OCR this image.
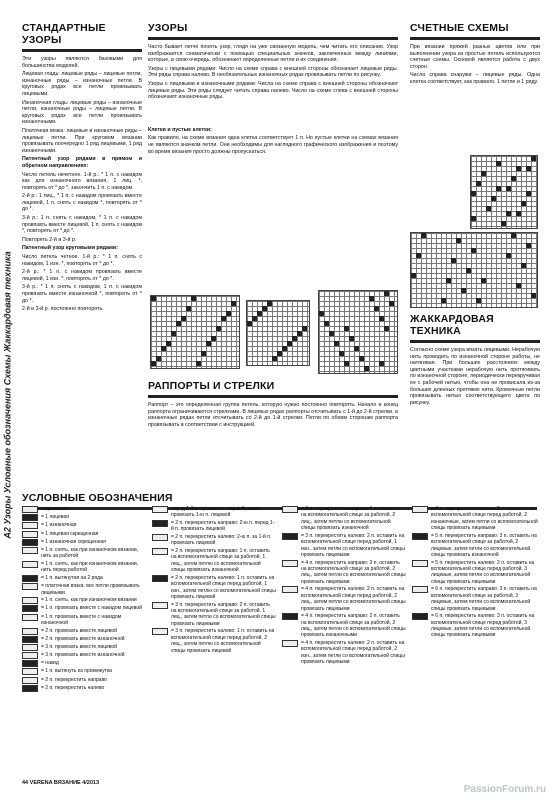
A2 Узоры Условные обозначения Схемы Жаккардовая техника
СТАНДАРТНЫЕ УЗОРЫ

Эти узоры являются базовыми для большинства моделей.

Лицевая гладь: лицевые ряды – лицевые петли, изнаночные ряды – изнаночные петли. В круговых рядах все петли провязывать лицевыми.

Изнаночная гладь: лицевые ряды – изнаночные петли, изнаночные ряды – лицевые петли. В круговых рядах все петли провязывать изнаночными.

Платочная вязка: лицевые и изнаночные ряды – лицевые петли. При круговом вязании провязывать поочередно 1 ряд лицевыми, 1 ряд изнаночными.

Патентный узор рядами в прямом и обратном направлениях:

Число петель нечетное. 1-й р.: * 1 п. с накидом как для изнаночного вязания, 1 лиц. *, повторять от * до *, закончить 1 п. с накидом.

2-й р.: 1 лиц., * 1 п. с накидом провязать вместе лицевой, 1 п. снять с накидом *, повторять от * до *.

3-й р.: 1 п. снять с накидом, * 1 п. с накидом провязать вместе лицевой, 1 п. снять с накидом *, повторять от * до *.

Повторять 2-й и 3-й р.

Патентный узор круговыми рядами:

Число петель четное. 1-й р.: * 1 п. снять с накидом, 1 изн. *, повторять от * до *.

2-й р.: * 1 п. с накидом провязать вместе лицевой, 1 изн. *, повторять от * до *.

3-й р.: * 1 п. снять с накидом, 1 п. с накидом провязать вместе изнаночной *, повторять от * до *.

2-й и 3-й р. постоянно повторять.

УЗОРЫ

Часто бывает легче понять узор, глядя на уже связанную модель, чем читать его описание. Узор изображается схематически с помощью специальных значков, заключенных между линиями, которые, в свою очередь, обозначают определенные петли и их соединения.

Узоры с лицевыми рядами: Число на схеме справа с внешней стороны обозначает лицевые ряды. Эти ряды справа налево. В необязательных изнаночных рядах провязывать петли по рисунку.

Узоры с лицевыми и изнаночными рядами: Числа на схеме справа с внешней стороны обозначают лицевые ряды. Эти ряды следует читать справа налево. Число на схеме слева с внешней стороны обозначают изнаночные ряды.

Клетки и пустые клетки:

Как правило, на схеме вязания одна клетка соответствует 1 п. Но пустые клетки на схемах вязания не являются значком петли. Они необходимы для наглядного графического изображения и поэтому во время вязания просто должны пропускаться.

РАППОРТЫ И СТРЕЛКИ

Раппорт – это определенная группа петель, которую нужно постоянно повторять. Начало и конец раппорта ограничиваются стрелками. В лицевых рядах раппорты отсчитывать с 1-й до 2-й стрелки, в изнаночных рядах петли отсчитывать со 2-й до 1-й стрелки. Петли по обеим сторонам раппорта провязывать в соответствии с инструкцией.

СЧЕТНЫЕ СХЕМЫ

При вязании пряжей разных цветов или при выполнении узора из простых петель используются счетные схемы. Основой является работа с двух сторон.

Числа справа снаружи – лицевые ряды. Одна клетка соответствует, как правило, 1 петле и 1 ряду.

ЖАККАРДОВАЯ ТЕХНИКА

Согласно схеме узора вязать лицевыми. Нерабочую нить проводить по изнаночной стороне работы, не натягивая. При больших расстояниях между цветными участками нерабочую нить протягивать по изнаночной стороне, периодически перекручивая ее с рабочей нитью, чтобы она не провисала из-за больших длинных протяжек нити. Кромочные петли провязывать нитью соответствующего цвета по рисунку.

УСЛОВНЫЕ ОБОЗНАЧЕНИЯ
= кромочная
= 1 лицевая
= 1 изнаночная
= 1 лицевая скрещенная
= 1 изнаночная скрещенная
= 1 п. снять, как при изнаночном вязании, нить за работой
= 1 п. снять, как при изнаночном вязании, нить перед работой
= 1 п. вытянутая на 2 ряда
= платочная вязка: все петли провязывать лицевыми
= 1 п. снять, как при изнаночном вязании
= 1 п. провязать вместе с накидом лицевой
= 1 п. провязать вместе с накидом изнаночной
= 2 п. провязать вместе лицевой
= 2 п. провязать вместе изнаночной
= 3 п. провязать вместе лицевой
= 3 п. провязать вместе изнаночной
= накид
= 1 п. вытянуть из промежутка
= 2 п. перекрестить направо
= 2 п. перекрестить налево
перед 1-й п. провязать лицевой, затем провязать 1-ю п. лицевой
= 2 п. перекрестить направо: 2-ю п. перед 1-й п. провязать лицевой
= 2 п. перекрестить налево: 2-ю п. за 1-й п. провязать лицевой
= 2 п. перекрестить направо: 1 п. оставить на вспомогательной спице за работой, 1 лиц., затем петлю со вспомогательной спицы провязать изнаночной
= 2 п. перекрестить налево: 1 п. оставить на вспомогательной спице перед работой, 1 изн., затем петлю со вспомогательной спицы провязать лицевой
= 3 п. перекрестить направо: 2 п. оставить на вспомогательной спице за работой, 1 лиц., затем петли со вспомогательной спицы провязать лицевыми
= 3 п. перекрестить налево: 1 п. оставить на вспомогательной спице перед работой, 2 лиц., затем петлю со вспомогательной спицы провязать лицевой
= 3 п. перекрестить направо: 1 п. оставить на вспомогательной спице за работой, 2 лиц., затем петлю со вспомогательной спицы провязать изнаночной
= 3 п. перекрестить налево: 2 п. оставить на вспомогательной спице перед работой, 1 изн., затем петли со вспомогательной спицы провязать лицевыми
= 4 п. перекрестить направо: 2 п. оставить на вспомогательной спице за работой, 2 лиц., затем петли со вспомогательной спицы провязать лицевыми
= 4 п. перекрестить налево: 2 п. оставить на вспомогательной спице перед работой, 2 лиц., затем петли со вспомогательной спицы провязать лицевыми
= 4 п. перекрестить направо: 2 п. оставить на вспомогательной спице за работой, 2 лиц., затем петли со вспомогательной спицы провязать изнаночными
= 4 п. перекрестить налево: 2 п. оставить на вспомогательной спице перед работой, 2 изн., затем петли со вспомогательной спицы провязать лицевыми
= 4 п. перекрестить налево: 2 п. оставить на вспомогательной спице перед работой, 2 изнаночные, затем петли со вспомогательной спицы провязать лицевыми
= 5 п. перекрестить направо: 3 п. оставить на вспомогательной спице за работой, 2 лицевые, затем петли со вспомогательной спицы провязать изнаночной
= 5 п. перекрестить налево: 2 п. оставить на вспомогательной спице перед работой, 3 лицевые, затем петли со вспомогательной спицы провязать лицевыми
= 6 п. перекрестить направо: 3 п. оставить на вспомогательной спице за работой, 3 лицевые, затем петли со вспомогательной спицы провязать лицевыми
= 6 п. перекрестить налево: 3 п. оставить на вспомогательной спице перед работой, 3 лицевые, затем петли со вспомогательной спицы провязать лицевыми
44 VERENA ВЯЗАНИЕ 4/2013
PassionForum.ru
